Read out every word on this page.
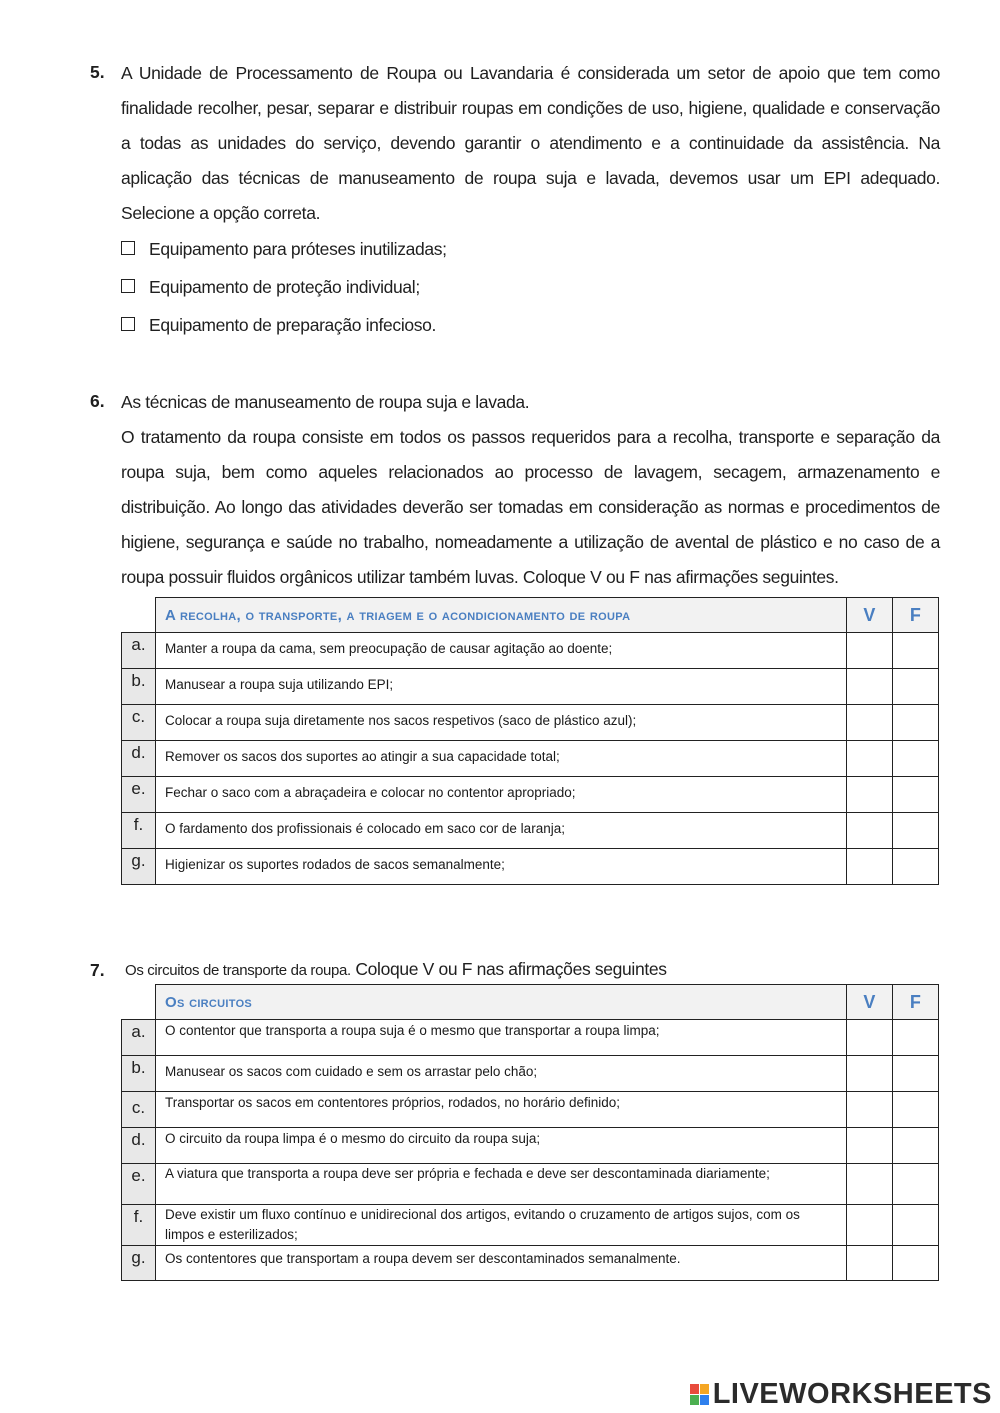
5. A Unidade de Processamento de Roupa ou Lavandaria é considerada um setor de apoio que tem como finalidade recolher, pesar, separar e distribuir roupas em condições de uso, higiene, qualidade e conservação a todas as unidades do serviço, devendo garantir o atendimento e a continuidade da assistência. Na aplicação das técnicas de manuseamento de roupa suja e lavada, devemos usar um EPI adequado. Selecione a opção correta.
Equipamento para próteses inutilizadas;
Equipamento de proteção individual;
Equipamento de preparação infecioso.
6. As técnicas de manuseamento de roupa suja e lavada.
O tratamento da roupa consiste em todos os passos requeridos para a recolha, transporte e separação da roupa suja, bem como aqueles relacionados ao processo de lavagem, secagem, armazenamento e distribuição. Ao longo das atividades deverão ser tomadas em consideração as normas e procedimentos de higiene, segurança e saúde no trabalho, nomeadamente a utilização de avental de plástico e no caso de a roupa possuir fluidos orgânicos utilizar também luvas. Coloque V ou F nas afirmações seguintes.
	A recolha, o transporte, a triagem e o acondicionamento de roupa	V	F
a.	Manter a roupa da cama, sem preocupação de causar agitação ao doente;		
b.	Manusear a roupa suja utilizando EPI;		
c.	Colocar a roupa suja diretamente nos sacos respetivos (saco de plástico azul);		
d.	Remover os sacos dos suportes ao atingir a sua capacidade total;		
e.	Fechar o saco com a abraçadeira e colocar no contentor apropriado;		
f.	O fardamento dos profissionais é colocado em saco cor de laranja;		
g.	Higienizar os suportes rodados de sacos semanalmente;		
7. Os circuitos de transporte da roupa. Coloque V ou F nas afirmações seguintes
	Os circuitos	V	F
a.	O contentor que transporta a roupa suja é o mesmo que transportar a roupa limpa;		
b.	Manusear os sacos com cuidado e sem os arrastar pelo chão;		
c.	Transportar os sacos em contentores próprios, rodados, no horário definido;		
d.	O circuito da roupa limpa é o mesmo do circuito da roupa suja;		
e.	A viatura que transporta a roupa deve ser própria e fechada e deve ser descontaminada diariamente;		
f.	Deve existir um fluxo contínuo e unidirecional dos artigos, evitando o cruzamento de artigos sujos, com os limpos e esterilizados;		
g.	Os contentores que transportam a roupa devem ser descontaminados semanalmente.		
LIVEWORKSHEETS
